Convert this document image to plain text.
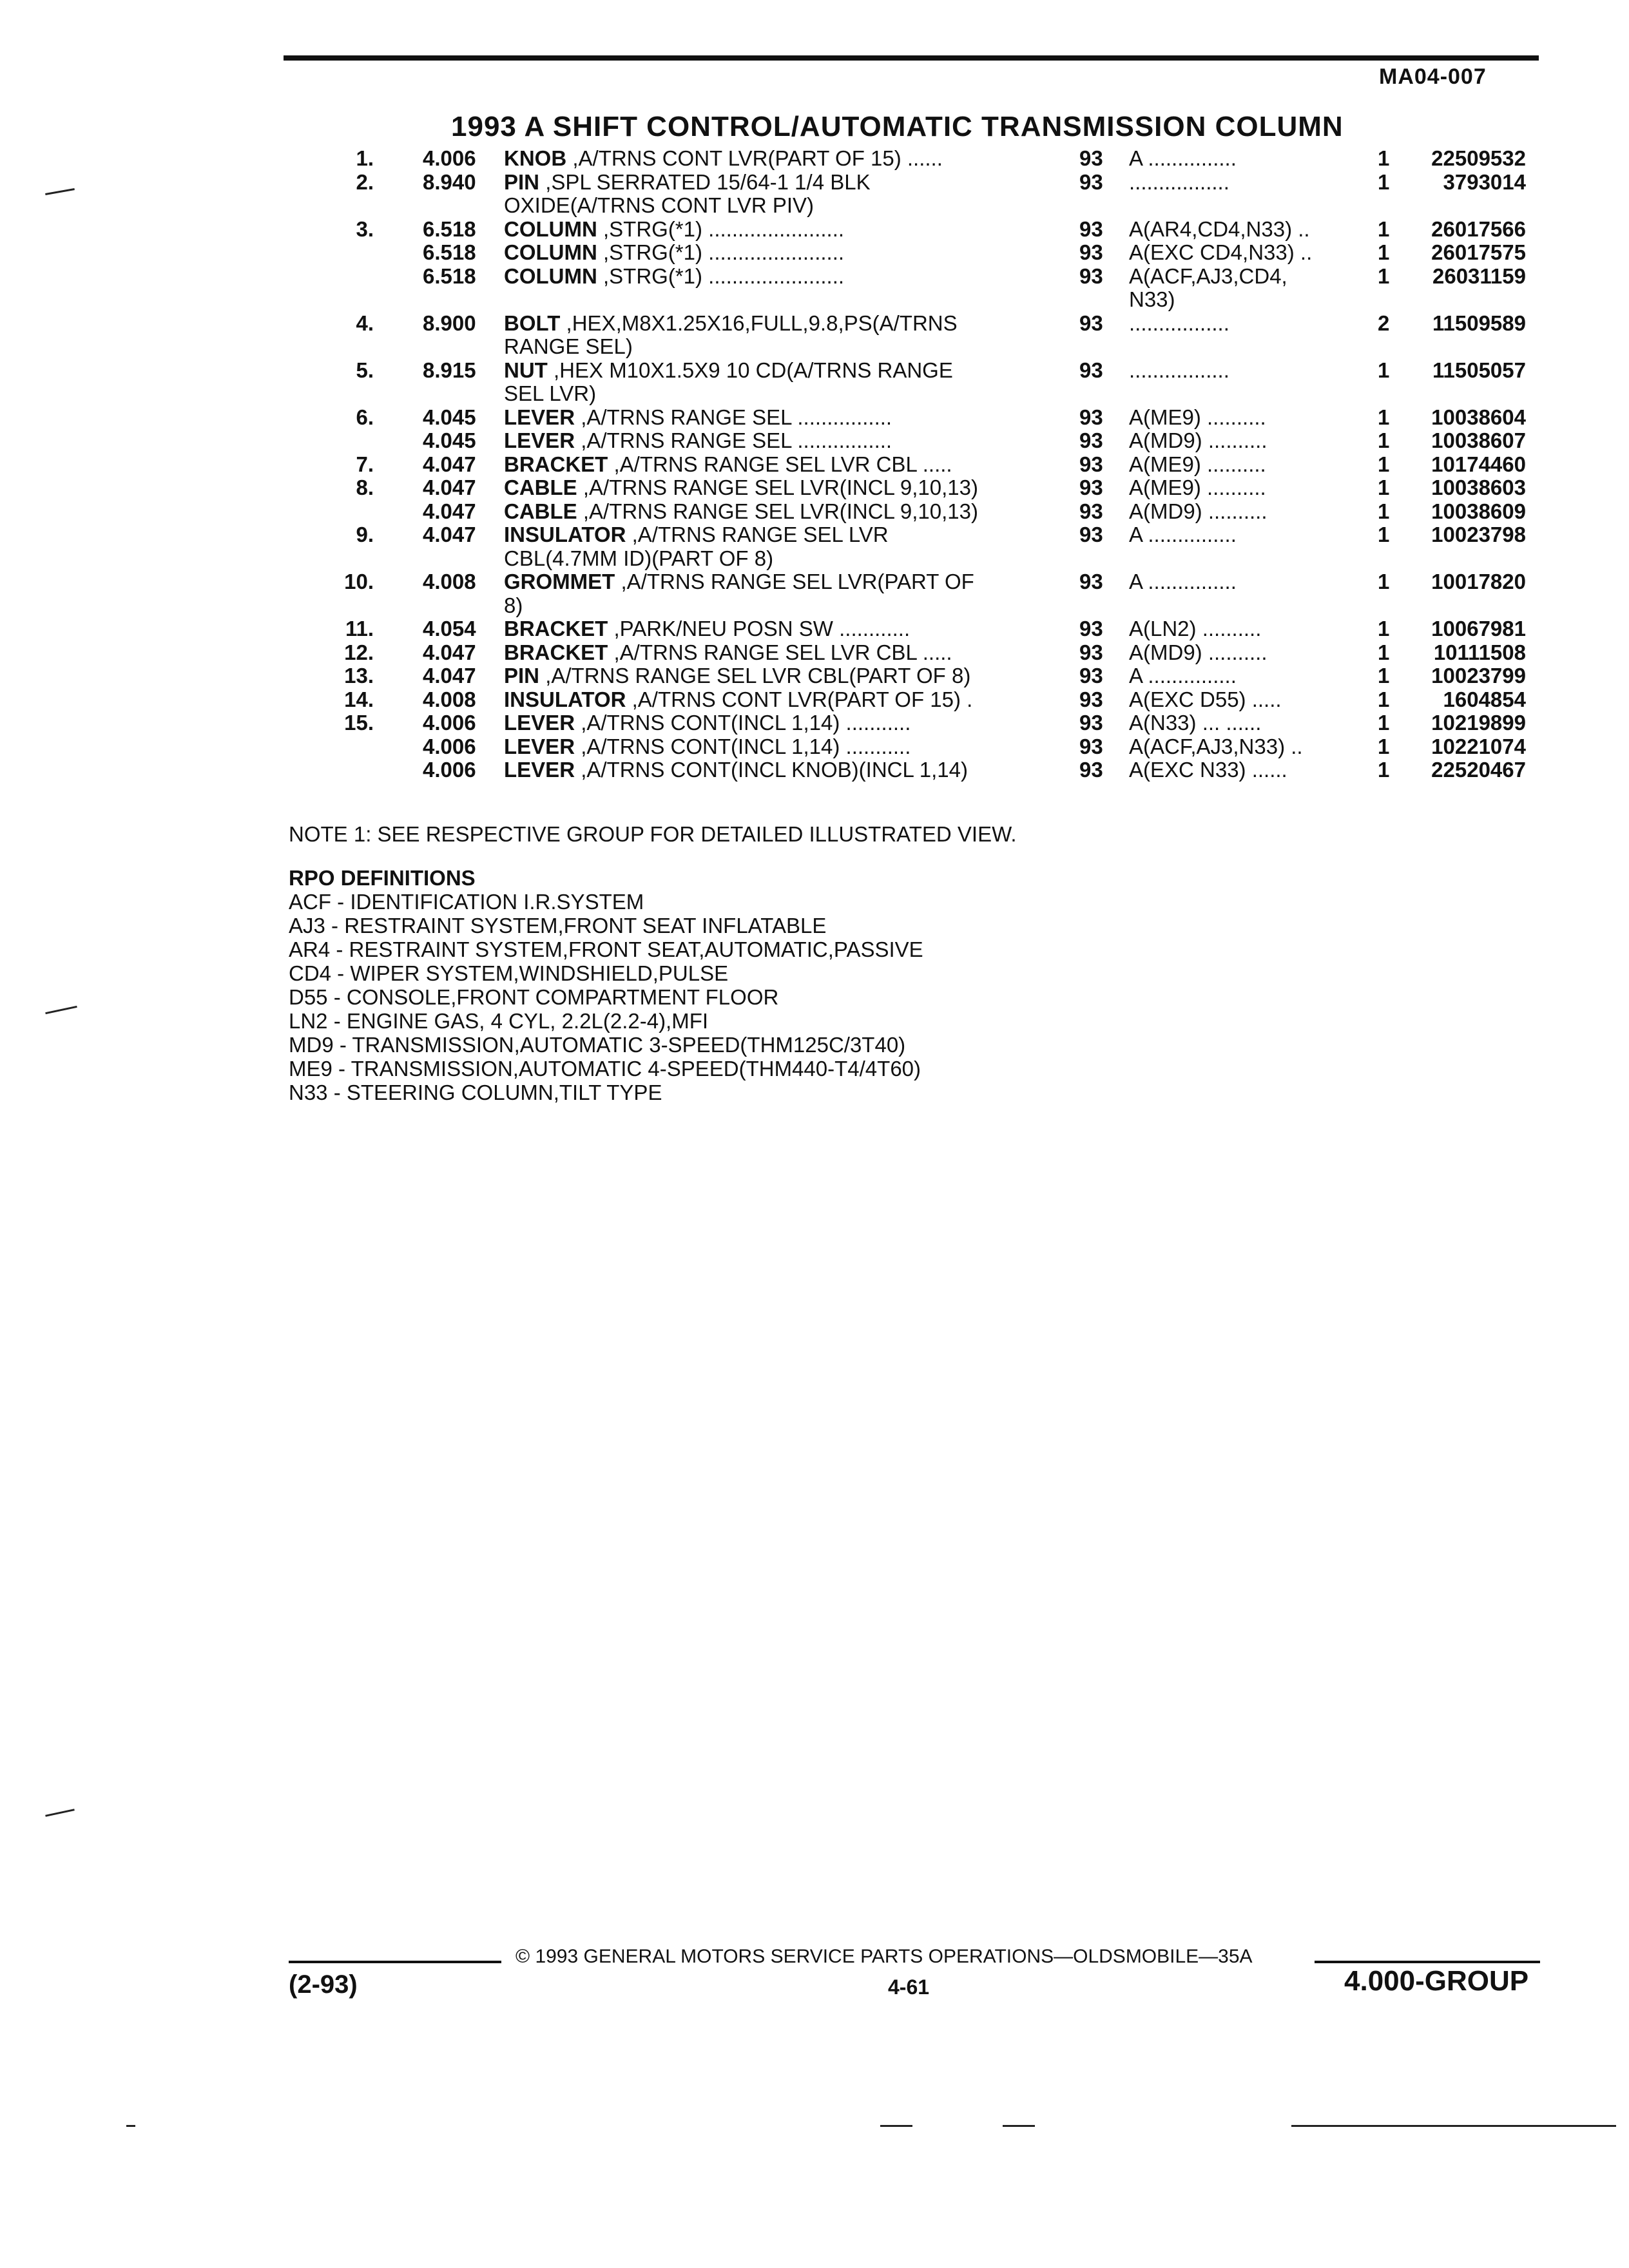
MA04-007
1993 A SHIFT CONTROL/AUTOMATIC TRANSMISSION COLUMN
1. 4.006 KNOB ,A/TRNS CONT LVR(PART OF 15) ......	93 A ...............	1 22509532
2. 8.940 PIN ,SPL SERRATED 15/64-1 1/4 BLK	93 .................	1	3793014
OXIDE(A/TRNS CONT LVR PIV)
3. 6.518 COLUMN ,STRG(*1) .......................	93 A(AR4,CD4,N33) ..	1 26017566
6.518 COLUMN ,STRG(*1) .......................	93 A(EXC CD4,N33) ..	1 26017575
6.518 COLUMN ,STRG(*1) .......................	93 A(ACF,AJ3,CD4,	1 26031159
N33)
4. 8.900 BOLT ,HEX,M8X1.25X16,FULL,9.8,PS(A/TRNS	93 .................	2 11509589
RANGE SEL)
5. 8.915 NUT ,HEX M10X1.5X9 10 CD(A/TRNS RANGE	93 .................	1 11505057
SEL LVR)
6. 4.045 LEVER ,A/TRNS RANGE SEL ................	93 A(ME9) ..........	1 10038604
4.045 LEVER ,A/TRNS RANGE SEL ................	93 A(MD9) ..........	1 10038607
7. 4.047 BRACKET ,A/TRNS RANGE SEL LVR CBL .....	93 A(ME9) ..........	1 10174460
8. 4.047 CABLE ,A/TRNS RANGE SEL LVR(INCL 9,10,13)	93 A(ME9) ..........	1 10038603
4.047 CABLE ,A/TRNS RANGE SEL LVR(INCL 9,10,13)	93 A(MD9) ..........	1 10038609
9. 4.047 INSULATOR ,A/TRNS RANGE SEL LVR	93 A ...............	1 10023798
CBL(4.7MM ID)(PART OF 8)
10. 4.008 GROMMET ,A/TRNS RANGE SEL LVR(PART OF	93 A ...............	1 10017820
8)
11. 4.054 BRACKET ,PARK/NEU POSN SW ............	93 A(LN2) ..........	1 10067981
12. 4.047 BRACKET ,A/TRNS RANGE SEL LVR CBL .....	93 A(MD9) ..........	1 10111508
13. 4.047 PIN ,A/TRNS RANGE SEL LVR CBL(PART OF 8)	93 A ...............	1 10023799
14. 4.008 INSULATOR ,A/TRNS CONT LVR(PART OF 15) .	93 A(EXC D55) .....	1	1604854
15. 4.006 LEVER ,A/TRNS CONT(INCL 1,14) ...........	93 A(N33) ... ......	1 10219899
4.006 LEVER ,A/TRNS CONT(INCL 1,14) ...........	93 A(ACF,AJ3,N33) ..	1 10221074
4.006 LEVER ,A/TRNS CONT(INCL KNOB)(INCL 1,14)	93 A(EXC N33) ......	1 22520467
NOTE 1: SEE RESPECTIVE GROUP FOR DETAILED ILLUSTRATED VIEW.
RPO DEFINITIONS
ACF - IDENTIFICATION I.R.SYSTEM
AJ3 - RESTRAINT SYSTEM,FRONT SEAT INFLATABLE
AR4 - RESTRAINT SYSTEM,FRONT SEAT,AUTOMATIC,PASSIVE
CD4 - WIPER SYSTEM,WINDSHIELD,PULSE
D55 - CONSOLE,FRONT COMPARTMENT FLOOR
LN2 - ENGINE GAS, 4 CYL, 2.2L(2.2-4),MFI
MD9 - TRANSMISSION,AUTOMATIC 3-SPEED(THM125C/3T40)
ME9 - TRANSMISSION,AUTOMATIC 4-SPEED(THM440-T4/4T60)
N33 - STEERING COLUMN,TILT TYPE
© 1993 GENERAL MOTORS SERVICE PARTS OPERATIONS—OLDSMOBILE—35A
(2-93)	4-61	4.000-GROUP
